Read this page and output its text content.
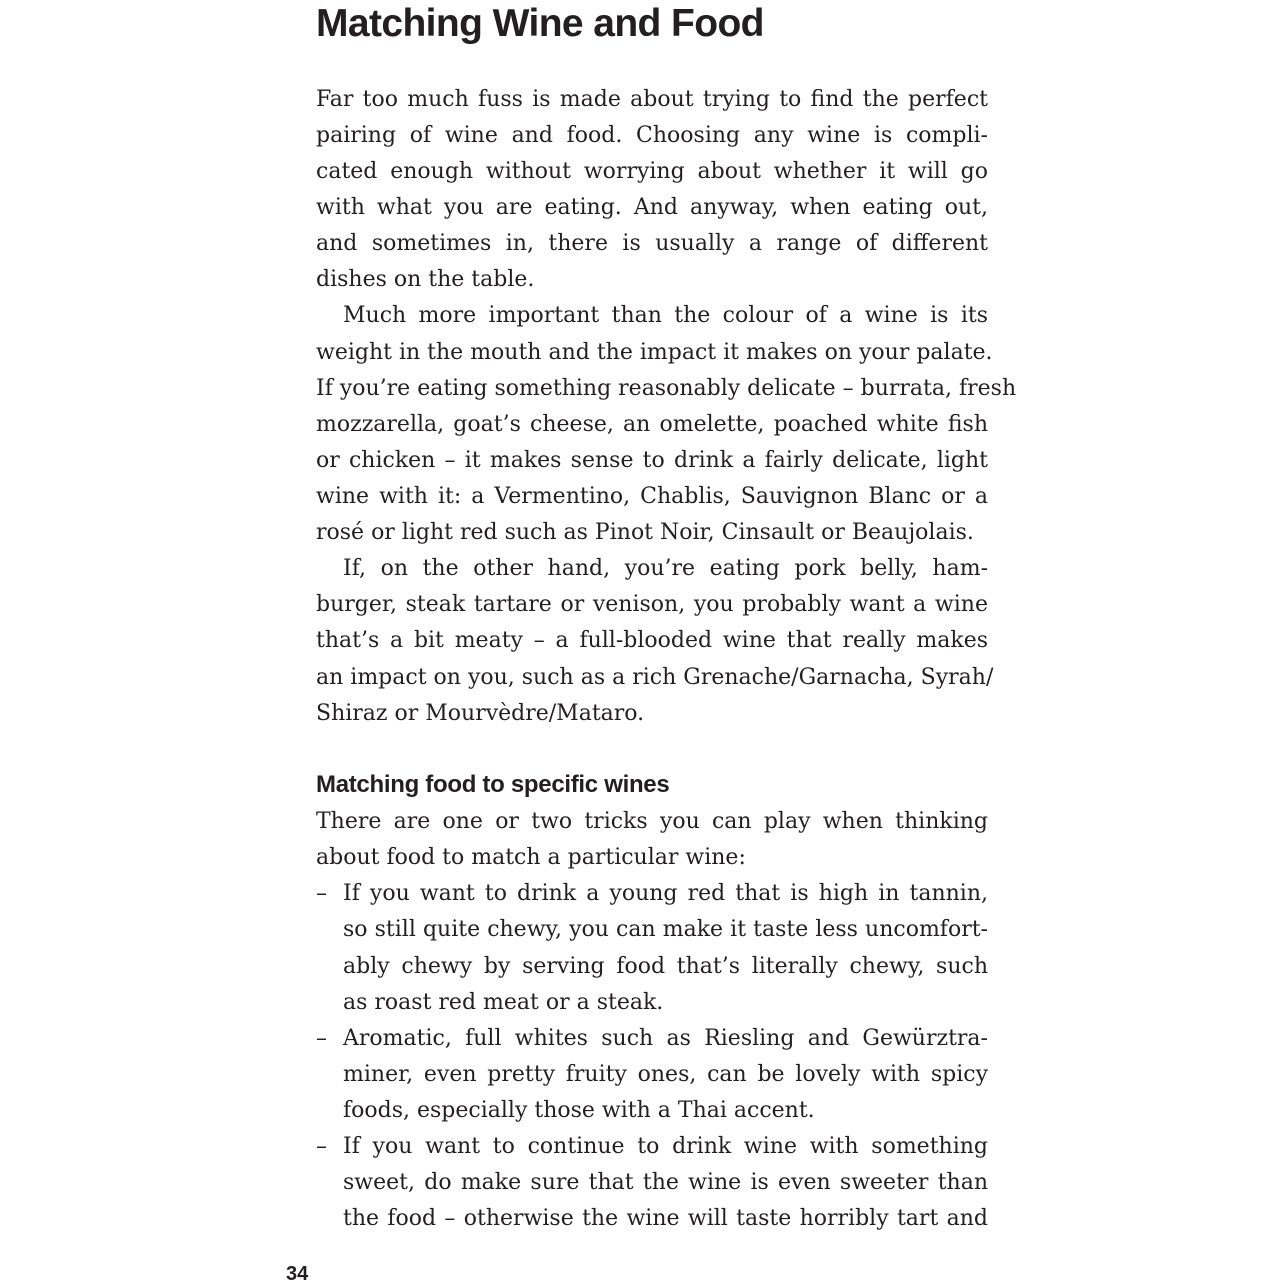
Matching Wine and Food
Far too much fuss is made about trying to find the perfect
pairing of wine and food. Choosing any wine is compli-
cated enough without worrying about whether it will go
with what you are eating. And anyway, when eating out,
and sometimes in, there is usually a range of different
dishes on the table.
Much more important than the colour of a wine is its
weight in the mouth and the impact it makes on your palate.
If you’re eating something reasonably delicate – burrata, fresh
mozzarella, goat’s cheese, an omelette, poached white fish
or chicken – it makes sense to drink a fairly delicate, light
wine with it: a Vermentino, Chablis, Sauvignon Blanc or a
rosé or light red such as Pinot Noir, Cinsault or Beaujolais.
If, on the other hand, you’re eating pork belly, ham-
burger, steak tartare or venison, you probably want a wine
that’s a bit meaty – a full-blooded wine that really makes
an impact on you, such as a rich Grenache/Garnacha, Syrah/
Shiraz or Mourvèdre/Mataro.
Matching food to specific wines
There are one or two tricks you can play when thinking
about food to match a particular wine:
– If you want to drink a young red that is high in tannin,
so still quite chewy, you can make it taste less uncomfort-
ably chewy by serving food that’s literally chewy, such
as roast red meat or a steak.
– Aromatic, full whites such as Riesling and Gewürztra-
miner, even pretty fruity ones, can be lovely with spicy
foods, especially those with a Thai accent.
– If you want to continue to drink wine with something
sweet, do make sure that the wine is even sweeter than
the food – otherwise the wine will taste horribly tart and
34
